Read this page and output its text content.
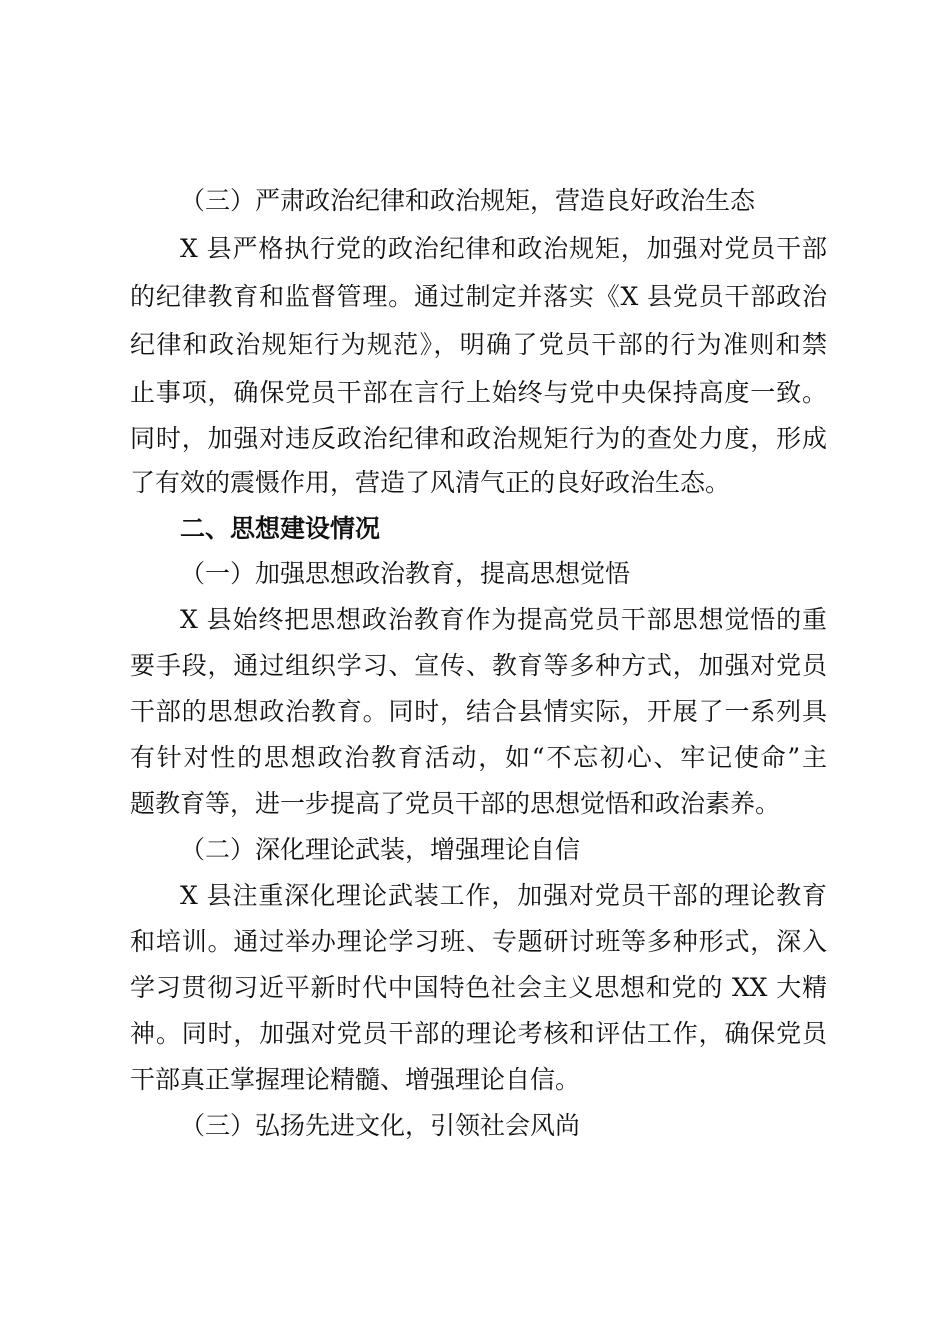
（三）严肃政治纪律和政治规矩，营造良好政治生态
X 县严格执行党的政治纪律和政治规矩，加强对党员干部
的纪律教育和监督管理。通过制定并落实《X 县党员干部政治
纪律和政治规矩行为规范》，明确了党员干部的行为准则和禁
止事项，确保党员干部在言行上始终与党中央保持高度一致。
同时，加强对违反政治纪律和政治规矩行为的查处力度，形成
了有效的震慑作用，营造了风清气正的良好政治生态。
二、思想建设情况
（一）加强思想政治教育，提高思想觉悟
X 县始终把思想政治教育作为提高党员干部思想觉悟的重
要手段，通过组织学习、宣传、教育等多种方式，加强对党员
干部的思想政治教育。同时，结合县情实际，开展了一系列具
有针对性的思想政治教育活动，如“不忘初心、牢记使命”主
题教育等，进一步提高了党员干部的思想觉悟和政治素养。
（二）深化理论武装，增强理论自信
X 县注重深化理论武装工作，加强对党员干部的理论教育
和培训。通过举办理论学习班、专题研讨班等多种形式，深入
学习贯彻习近平新时代中国特色社会主义思想和党的 XX 大精
神。同时，加强对党员干部的理论考核和评估工作，确保党员
干部真正掌握理论精髓、增强理论自信。
（三）弘扬先进文化，引领社会风尚
